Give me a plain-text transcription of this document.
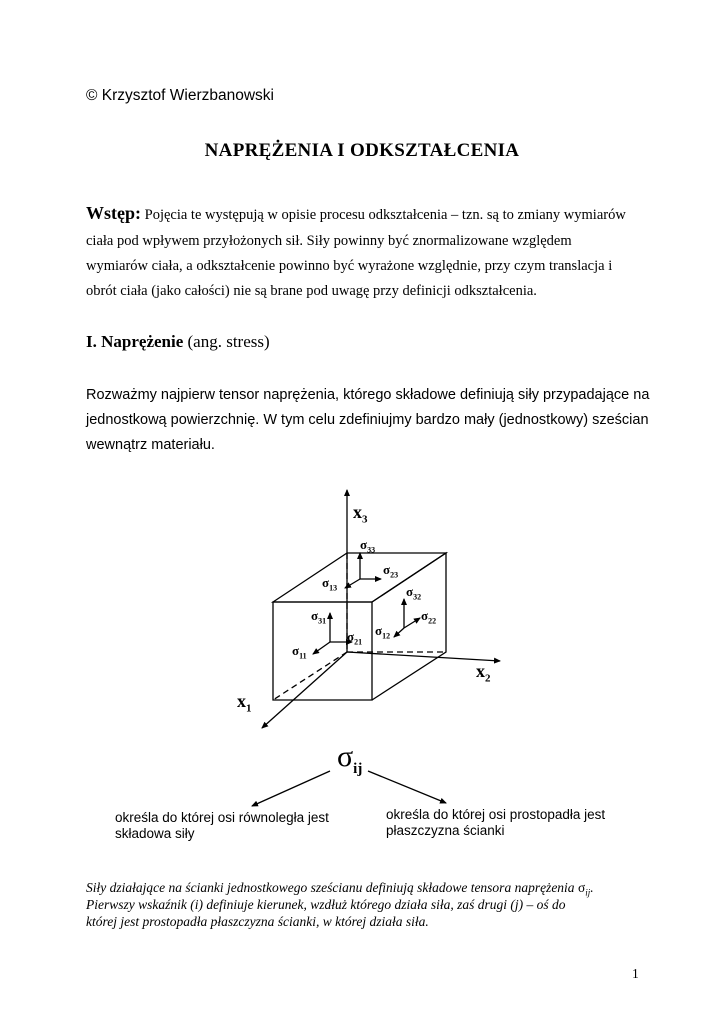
© Krzysztof Wierzbanowski
NAPRĘŻENIA I ODKSZTAŁCENIA
Wstęp: Pojęcia te występują w opisie procesu odkształcenia – tzn. są to zmiany wymiarów
ciała pod wpływem przyłożonych sił. Siły powinny być znormalizowane względem
wymiarów ciała, a odkształcenie powinno być wyrażone względnie, przy czym translacja i
obrót ciała (jako całości) nie są brane pod uwagę przy definicji odkształcenia.
I. Naprężenie (ang. stress)
Rozważmy najpierw tensor naprężenia, którego składowe definiują siły przypadające na
jednostkową powierzchnię. W tym celu zdefiniujmy bardzo mały (jednostkowy) sześcian
wewnątrz materiału.
$x_3$
$x_2$
$x_1$
$\sigma_{33}$
$\sigma_{23}$
$\sigma_{13}$	$\sigma_{32}$
$\sigma_{22}$
$\sigma_{31}$
$\sigma_{21}$
$\sigma_{12}$
$\sigma_{11}$
$\sigma_{ij}$
określa do której osi równoległa jest
składowa siły
określa do której osi prostopadła jest
płaszczyzna ścianki
Siły działające na ścianki jednostkowego sześcianu definiują składowe tensora naprężenia $\sigma_{ij}$.
Pierwszy wskaźnik (i) definiuje kierunek, wzdłuż którego działa siła, zaś drugi (j) – oś do
której jest prostopadła płaszczyzna ścianki, w której działa siła.
1
